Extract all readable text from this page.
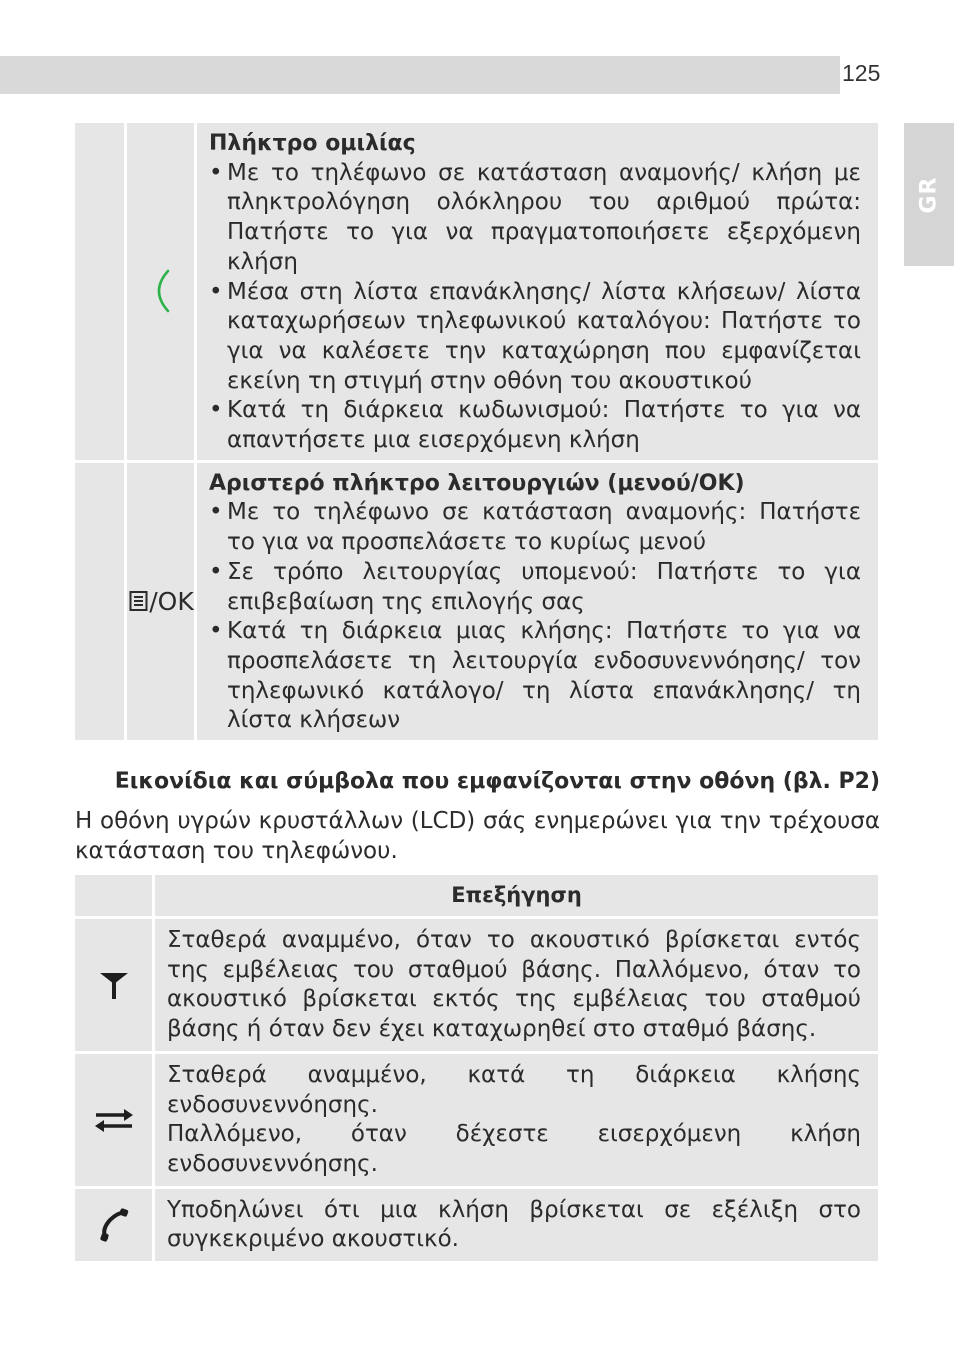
125
GR
Πλήκτρο ομιλίας
• Με το τηλέφωνο σε κατάσταση αναμονής/ κλήση με πληκτρολόγηση ολόκληρου του αριθμού πρώτα: Πατήστε το για να πραγματοποιήσετε εξερχόμενη κλήση
• Μέσα στη λίστα επανάκλησης/ λίστα κλήσεων/ λίστα καταχωρήσεων τηλεφωνικού καταλόγου: Πατήστε το για να καλέσετε την καταχώρηση που εμφανίζεται εκείνη τη στιγμή στην οθόνη του ακουστικού
• Κατά τη διάρκεια κωδωνισμού: Πατήστε το για να απαντήσετε μια εισερχόμενη κλήση
/OK
Αριστερό πλήκτρο λειτουργιών (μενού/OK)
• Με το τηλέφωνο σε κατάσταση αναμονής: Πατήστε το για να προσπελάσετε το κυρίως μενού
• Σε τρόπο λειτουργίας υπομενού: Πατήστε το για επιβεβαίωση της επιλογής σας
• Κατά τη διάρκεια μιας κλήσης: Πατήστε το για να προσπελάσετε τη λειτουργία ενδοσυνεννόησης/ τον τηλεφωνικό κατάλογο/ τη λίστα επανάκλησης/ τη λίστα κλήσεων
Εικονίδια και σύμβολα που εμφανίζονται στην οθόνη (βλ. P2)
Η οθόνη υγρών κρυστάλλων (LCD) σάς ενημερώνει για την τρέχουσα κατάσταση του τηλεφώνου.
Επεξήγηση
Σταθερά αναμμένο, όταν το ακουστικό βρίσκεται εντός της εμβέλειας του σταθμού βάσης. Παλλόμενο, όταν το ακουστικό βρίσκεται εκτός της εμβέλειας του σταθμού βάσης ή όταν δεν έχει καταχωρηθεί στο σταθμό βάσης.
Σταθερά αναμμένο, κατά τη διάρκεια κλήσης ενδοσυνεννόησης.
Παλλόμενο, όταν δέχεστε εισερχόμενη κλήση ενδοσυνεννόησης.
Υποδηλώνει ότι μια κλήση βρίσκεται σε εξέλιξη στο συγκεκριμένο ακουστικό.
